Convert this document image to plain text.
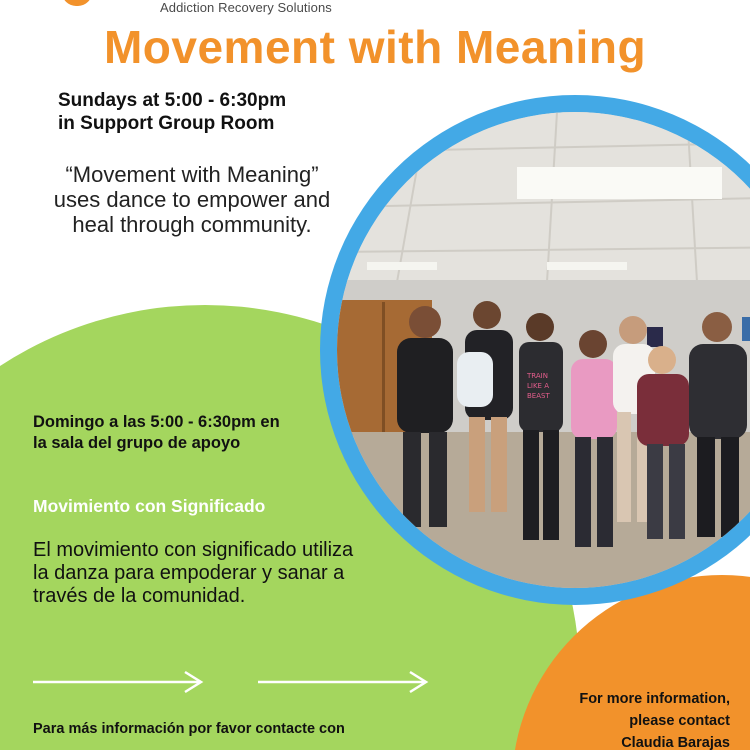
Addiction Recovery Solutions
Movement with Meaning
TRAIN
LIKE A
BEAST
Sundays at 5:00 - 6:30pm
in Support Group Room
“Movement with Meaning” uses dance to empower and heal through community.
Domingo a las 5:00 - 6:30pm en la sala del grupo de apoyo
Movimiento con Significado
El movimiento con significado utiliza la danza para empoderar y sanar a través de la comunidad.
Para más información por favor contacte con
For more information,
please contact
Claudia Barajas
